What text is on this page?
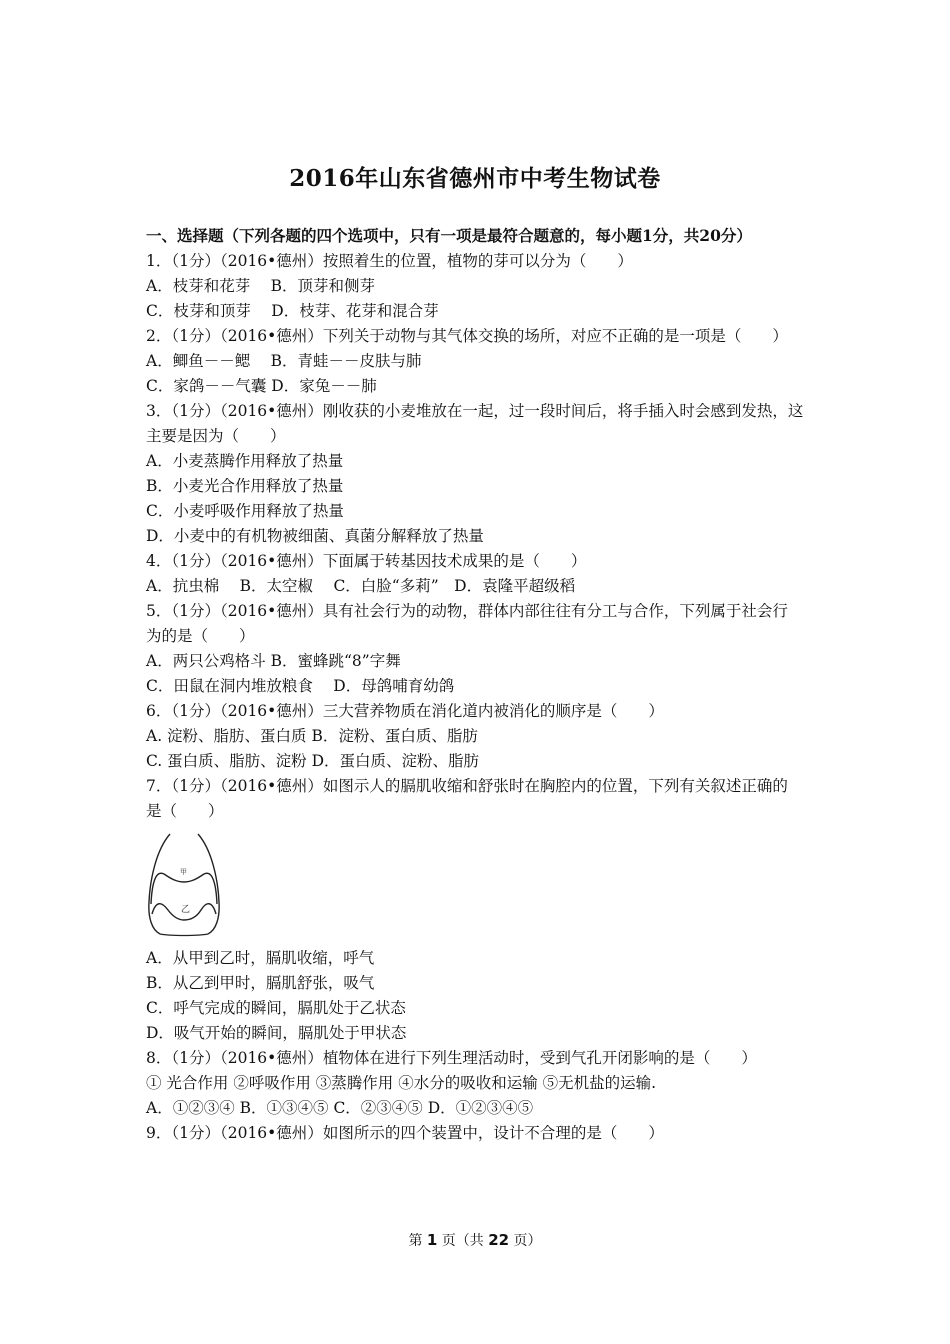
2016年山东省德州市中考生物试卷
一、选择题（下列各题的四个选项中，只有一项是最符合题意的，每小题1分，共20分）
1．（1分）（2016•德州）按照着生的位置，植物的芽可以分为（　　）
A．枝芽和花芽　 B．顶芽和侧芽
C．枝芽和顶芽　 D．枝芽、花芽和混合芽
2．（1分）（2016•德州）下列关于动物与其气体交换的场所，对应不正确的是一项是（　　）
A．鲫鱼－－鳃　 B．青蛙－－皮肤与肺
C．家鸽－－气囊 D．家兔－－肺
3．（1分）（2016•德州）刚收获的小麦堆放在一起，过一段时间后，将手插入时会感到发热，这
主要是因为（　　）
A．小麦蒸腾作用释放了热量
B．小麦光合作用释放了热量
C．小麦呼吸作用释放了热量
D．小麦中的有机物被细菌、真菌分解释放了热量
4．（1分）（2016•德州）下面属于转基因技术成果的是（　　）
A．抗虫棉　 B．太空椒　 C．白脸“多莉”　D．袁隆平超级稻
5．（1分）（2016•德州）具有社会行为的动物，群体内部往往有分工与合作，下列属于社会行
为的是（　　）
A．两只公鸡格斗 B．蜜蜂跳“8”字舞
C．田鼠在洞内堆放粮食　 D．母鸽哺育幼鸽
6．（1分）（2016•德州）三大营养物质在消化道内被消化的顺序是（　　）
A. 淀粉、脂肪、蛋白质 B．淀粉、蛋白质、脂肪
C. 蛋白质、脂肪、淀粉 D．蛋白质、淀粉、脂肪
7．（1分）（2016•德州）如图示人的膈肌收缩和舒张时在胸腔内的位置，下列有关叙述正确的
是（　　）
甲
乙
A．从甲到乙时，膈肌收缩，呼气
B．从乙到甲时，膈肌舒张，吸气
C．呼气完成的瞬间，膈肌处于乙状态
D．吸气开始的瞬间，膈肌处于甲状态
8．（1分）（2016•德州）植物体在进行下列生理活动时，受到气孔开闭影响的是（　　）
① 光合作用 ②呼吸作用 ③蒸腾作用 ④水分的吸收和运输 ⑤无机盐的运输.
A．①②③④ B．①③④⑤ C．②③④⑤ D．①②③④⑤
9．（1分）（2016•德州）如图所示的四个装置中，设计不合理的是（　　）
第 1 页（共 22 页）
